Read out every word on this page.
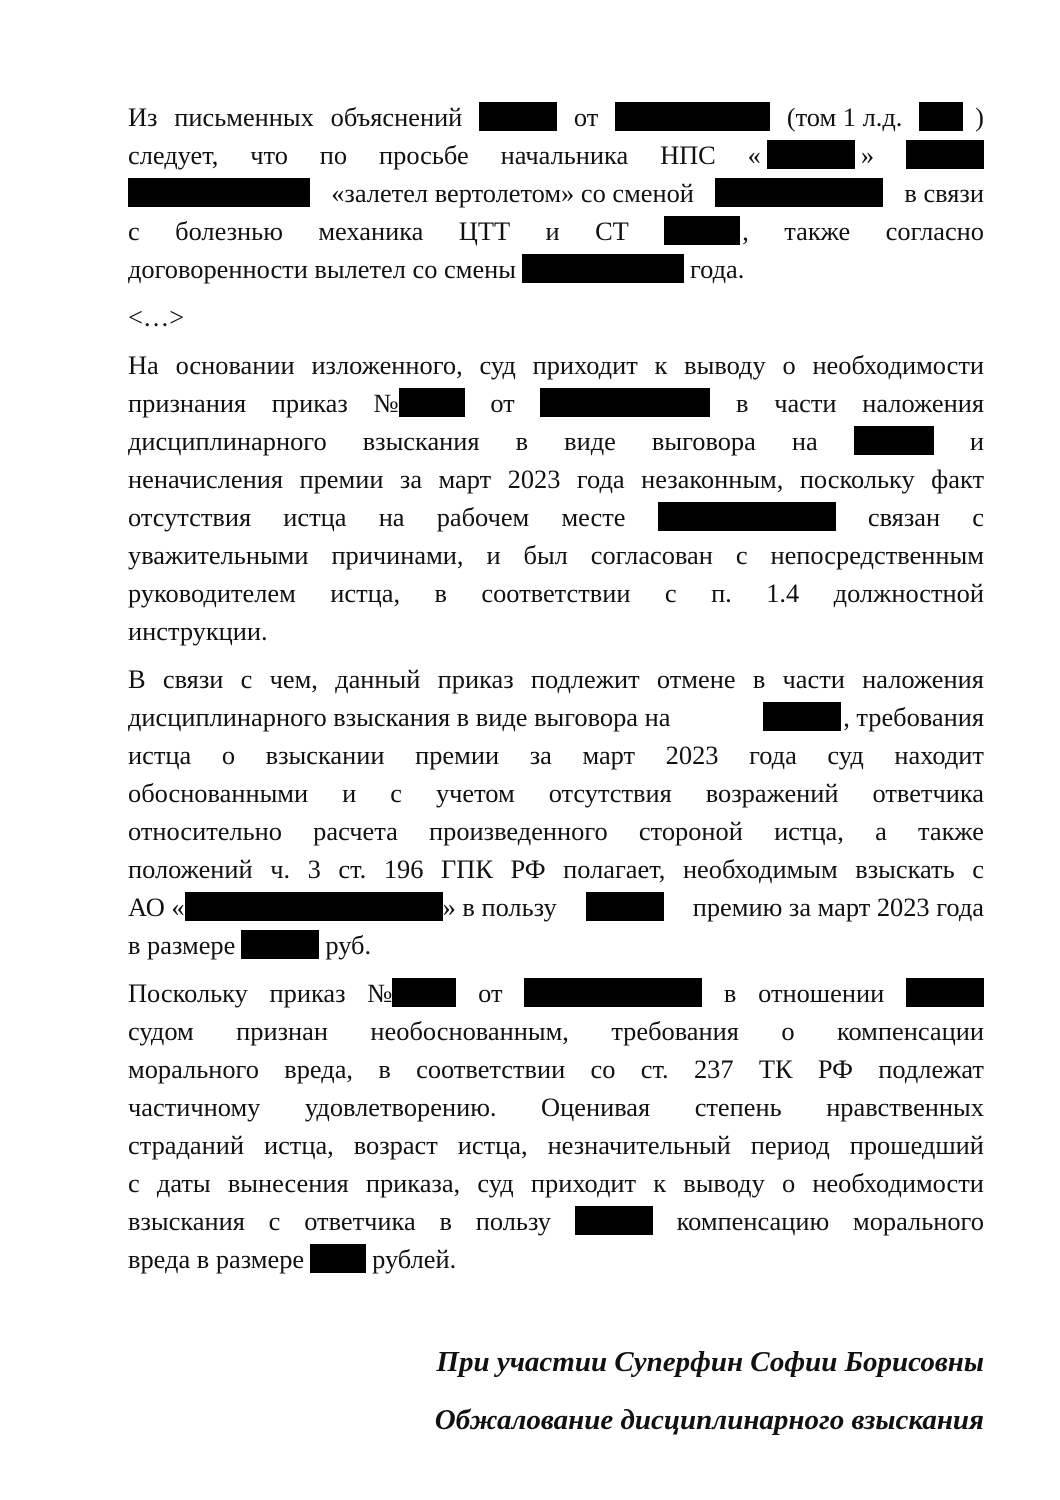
Из письменных объяснений	от	(том 1 л.д.	)
следует, что по просьбе начальника НПС «	»
«залетел вертолетом» со сменой	в связи
с болезнью механика ЦТТ и СТ	, также согласно
договоренности вылетел со смены	года.
<…>
На основании изложенного, суд приходит к выводу о необходимости
признания приказ №	от	в части наложения
дисциплинарного взыскания в виде выговора на	и
неначисления премии за март 2023 года незаконным, поскольку факт
отсутствия истца на рабочем месте	связан с
уважительными причинами, и был согласован с непосредственным
руководителем истца, в соответствии с п. 1.4 должностной
инструкции.
В связи с чем, данный приказ подлежит отмене в части наложения
дисциплинарного взыскания в виде выговора на	, требования
истца о взыскании премии за март 2023 года суд находит
обоснованными и с учетом отсутствия возражений ответчика
относительно расчета произведенного стороной истца, а также
положений ч. 3 ст. 196 ГПК РФ полагает, необходимым взыскать с
АО «	» в пользу	премию за март 2023 года
в размере	руб.
Поскольку приказ №	от	в отношении
судом признан необоснованным, требования о компенсации
морального вреда, в соответствии со ст. 237 ТК РФ подлежат
частичному удовлетворению. Оценивая степень нравственных
страданий истца, возраст истца, незначительный период прошедший
с даты вынесения приказа, суд приходит к выводу о необходимости
взыскания с ответчика в пользу	компенсацию морального
вреда в размере	рублей.
При участии Суперфин Софии Борисовны
Обжалование дисциплинарного взыскания
